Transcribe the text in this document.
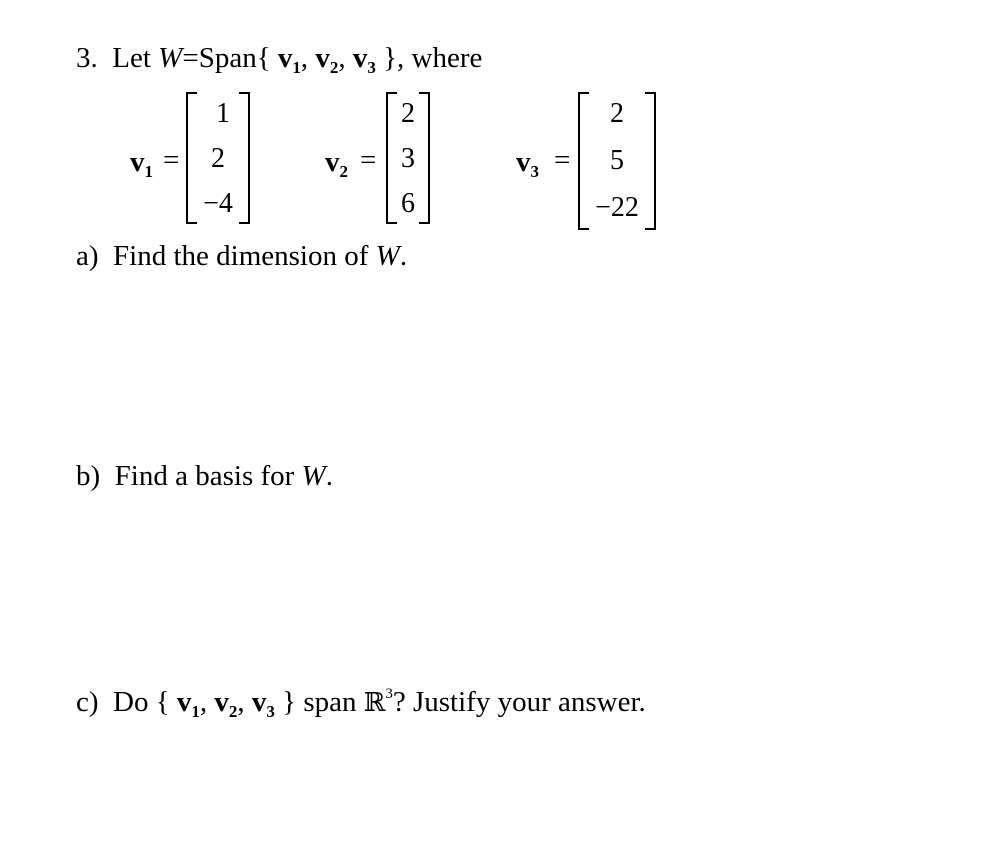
3. Let W=Span{ $v_1$, $v_2$, $v_3$ }, where
$v_1$ =
1
2
−4
$v_2$ =
2
3
6
$v_3$ =
2
5
−22
a) Find the dimension of W.
b) Find a basis for W.
c) Do { $v_1$, $v_2$, $v_3$ } span ℝ$^3$? Justify your answer.
